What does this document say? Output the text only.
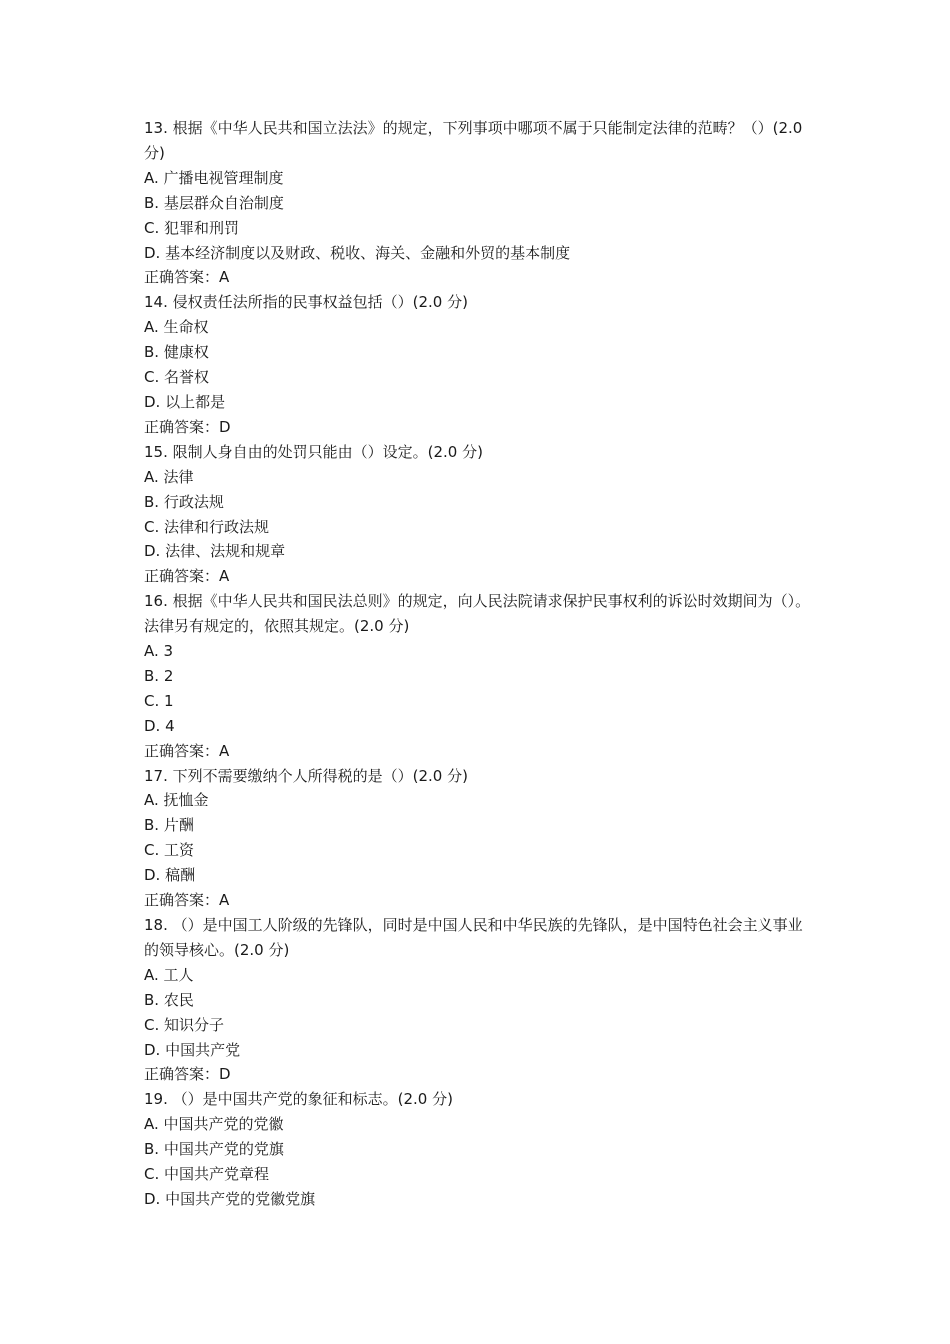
13. 根据《中华人民共和国立法法》的规定，下列事项中哪项不属于只能制定法律的范畴？（）(2.0 分)
A. 广播电视管理制度
B. 基层群众自治制度
C. 犯罪和刑罚
D. 基本经济制度以及财政、税收、海关、金融和外贸的基本制度
正确答案：A
14. 侵权责任法所指的民事权益包括（）(2.0 分)
A. 生命权
B. 健康权
C. 名誉权
D. 以上都是
正确答案：D
15. 限制人身自由的处罚只能由（）设定。(2.0 分)
A. 法律
B. 行政法规
C. 法律和行政法规
D. 法律、法规和规章
正确答案：A
16. 根据《中华人民共和国民法总则》的规定，向人民法院请求保护民事权利的诉讼时效期间为（）。法律另有规定的，依照其规定。(2.0 分)
A. 3
B. 2
C. 1
D. 4
正确答案：A
17. 下列不需要缴纳个人所得税的是（）(2.0 分)
A. 抚恤金
B. 片酬
C. 工资
D. 稿酬
正确答案：A
18. （）是中国工人阶级的先锋队，同时是中国人民和中华民族的先锋队，是中国特色社会主义事业的领导核心。(2.0 分)
A. 工人
B. 农民
C. 知识分子
D. 中国共产党
正确答案：D
19. （）是中国共产党的象征和标志。(2.0 分)
A. 中国共产党的党徽
B. 中国共产党的党旗
C. 中国共产党章程
D. 中国共产党的党徽党旗
